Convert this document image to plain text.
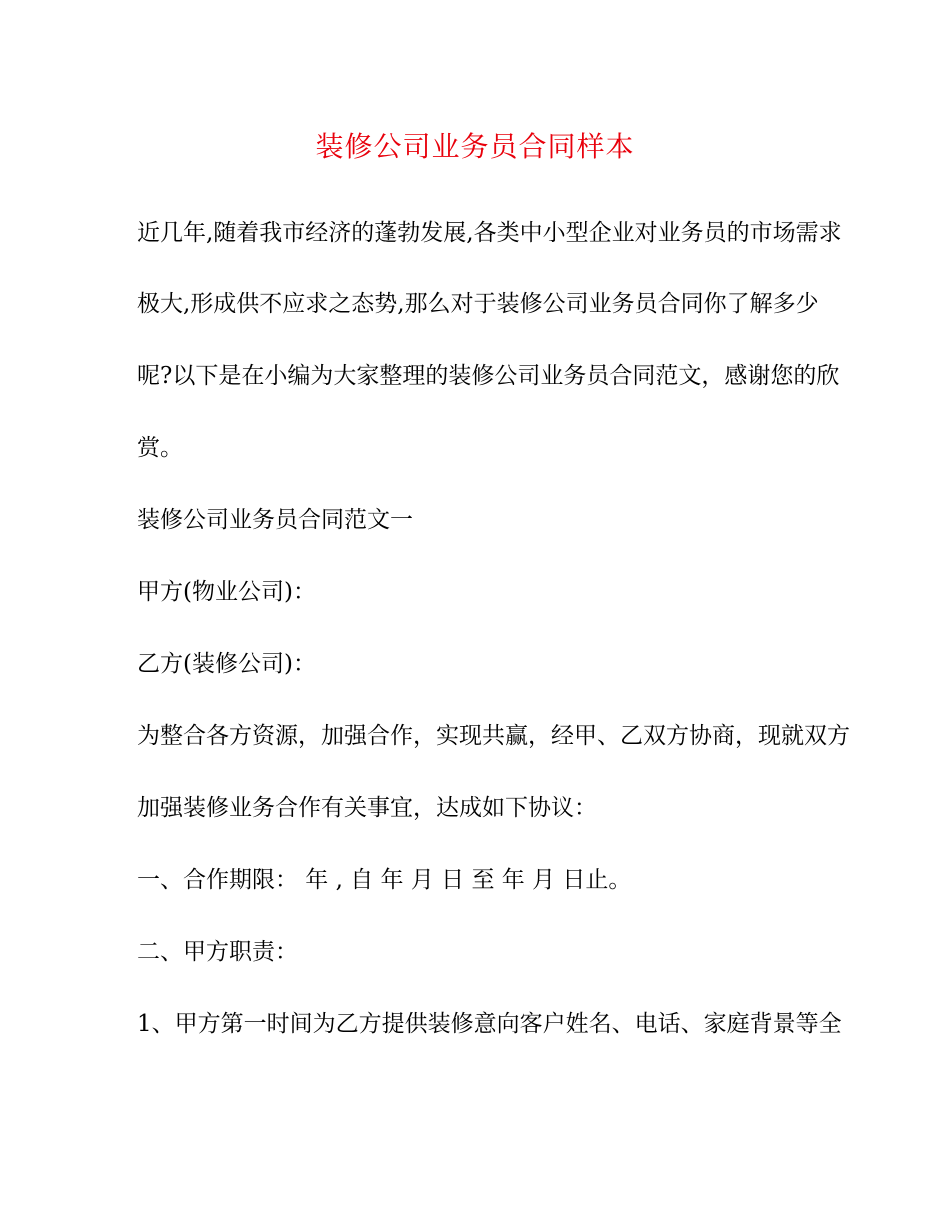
装修公司业务员合同样本
近几年,随着我市经济的蓬勃发展,各类中小型企业对业务员的市场需求
极大,形成供不应求之态势,那么对于装修公司业务员合同你了解多少
呢?以下是在小编为大家整理的装修公司业务员合同范文，感谢您的欣
赏。
装修公司业务员合同范文一
甲方(物业公司)：
乙方(装修公司)：
为整合各方资源，加强合作，实现共赢，经甲、乙双方协商，现就双方
加强装修业务合作有关事宜，达成如下协议：
一、合作期限： 年 , 自 年 月 日 至 年 月 日止。
二、甲方职责：
1、甲方第一时间为乙方提供装修意向客户姓名、电话、家庭背景等全
